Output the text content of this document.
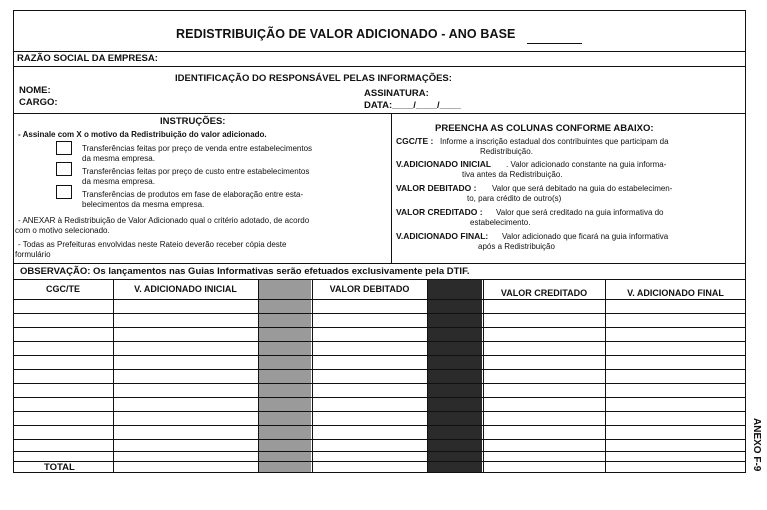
REDISTRIBUIÇÃO DE VALOR ADICIONADO - ANO BASE
RAZÃO SOCIAL DA EMPRESA:
IDENTIFICAÇÃO DO RESPONSÁVEL PELAS INFORMAÇÕES:
NOME:
CARGO:
ASSINATURA:
DATA:____/____/____
INSTRUÇÕES:
- Assinale com X o motivo da Redistribuição do valor adicionado.
Transferências feitas por preço de venda entre estabelecimentos
da mesma empresa.
Transferências feitas por preço de custo entre estabelecimentos
da mesma empresa.
Transferências de produtos em fase de elaboração entre esta-
belecimentos da mesma empresa.
- ANEXAR à Redistribuição de Valor Adicionado qual o critério adotado, de acordo
com o motivo selecionado.
- Todas as Prefeituras envolvidas neste Rateio deverão receber cópia deste
formulário
PREENCHA AS COLUNAS CONFORME ABAIXO:
CGC/TE : Informe a inscrição estadual dos contribuintes que participam da
Redistribuição.
V.ADICIONADO INICIAL . Valor adicionado constante na guia informa-
tiva antes da Redistribuição.
VALOR DEBITADO : Valor que será debitado na guia do estabelecimen-
to, para crédito de outro(s)
VALOR CREDITADO : Valor que será creditado na guia informativa do
estabelecimento.
V.ADICIONADO FINAL: Valor adicionado que ficará na guia informativa
após a Redistribuição
OBSERVAÇÃO: Os lançamentos nas Guias Informativas serão efetuados exclusivamente pela DTIF.
CGC/TE	V. ADICIONADO INICIAL	VALOR DEBITADO	VALOR CREDITADO	V. ADICIONADO FINAL
TOTAL	ANEXO F-9
